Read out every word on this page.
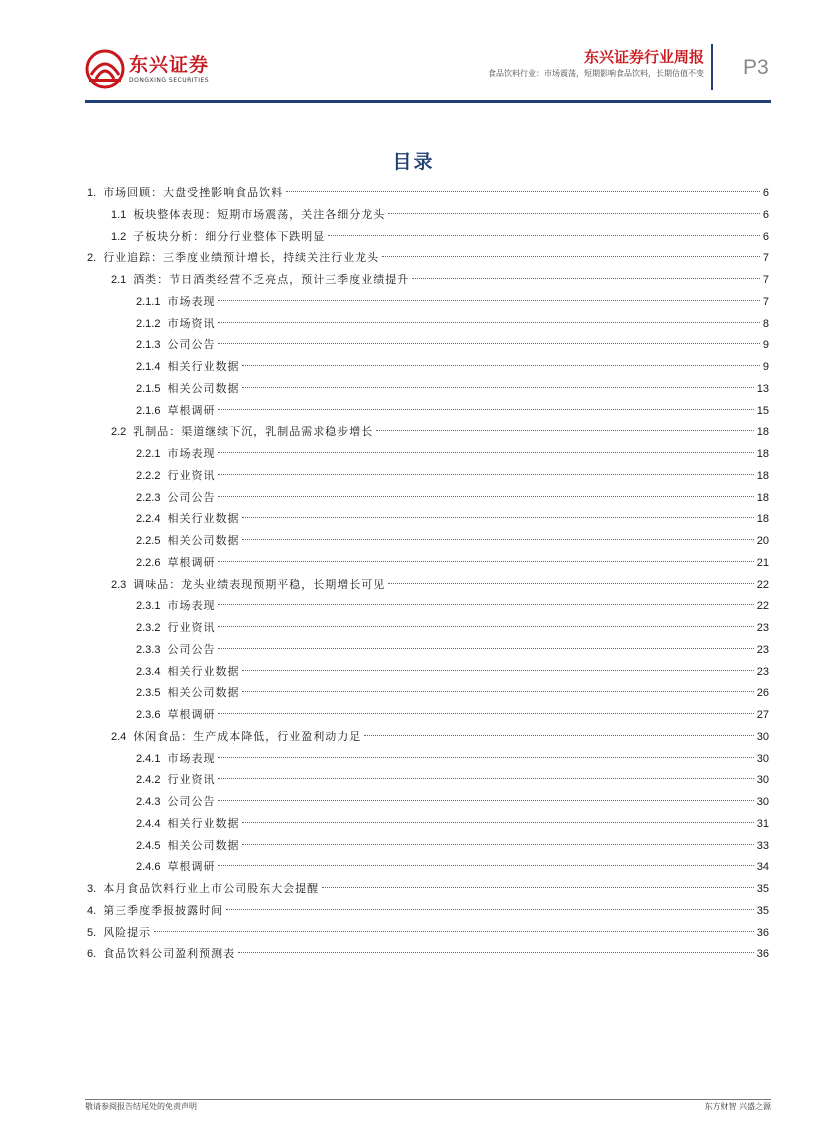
东兴证券
DONGXING SECURITIES
东兴证券行业周报
食品饮料行业：市场震荡，短期影响食品饮料，长期估值不变 P3
目录
1. 市场回顾：大盘受挫影响食品饮料	6
1.1 板块整体表现：短期市场震荡，关注各细分龙头	6
1.2 子板块分析：细分行业整体下跌明显	6
2. 行业追踪：三季度业绩预计增长，持续关注行业龙头	7
2.1 酒类：节日酒类经营不乏亮点，预计三季度业绩提升	7
2.1.1 市场表现	7
2.1.2 市场资讯	8
2.1.3 公司公告	9
2.1.4 相关行业数据	9
2.1.5 相关公司数据	13
2.1.6 草根调研	15
2.2 乳制品：渠道继续下沉，乳制品需求稳步增长	18
2.2.1 市场表现	18
2.2.2 行业资讯	18
2.2.3 公司公告	18
2.2.4 相关行业数据	18
2.2.5 相关公司数据	20
2.2.6 草根调研	21
2.3 调味品：龙头业绩表现预期平稳，长期增长可见	22
2.3.1 市场表现	22
2.3.2 行业资讯	23
2.3.3 公司公告	23
2.3.4 相关行业数据	23
2.3.5 相关公司数据	26
2.3.6 草根调研	27
2.4 休闲食品：生产成本降低，行业盈利动力足	30
2.4.1 市场表现	30
2.4.2 行业资讯	30
2.4.3 公司公告	30
2.4.4 相关行业数据	31
2.4.5 相关公司数据	33
2.4.6 草根调研	34
3. 本月食品饮料行业上市公司股东大会提醒	35
4. 第三季度季报披露时间	35
5. 风险提示	36
6. 食品饮料公司盈利预测表	36
敬请参阅报告结尾处的免责声明	东方财智 兴盛之源
